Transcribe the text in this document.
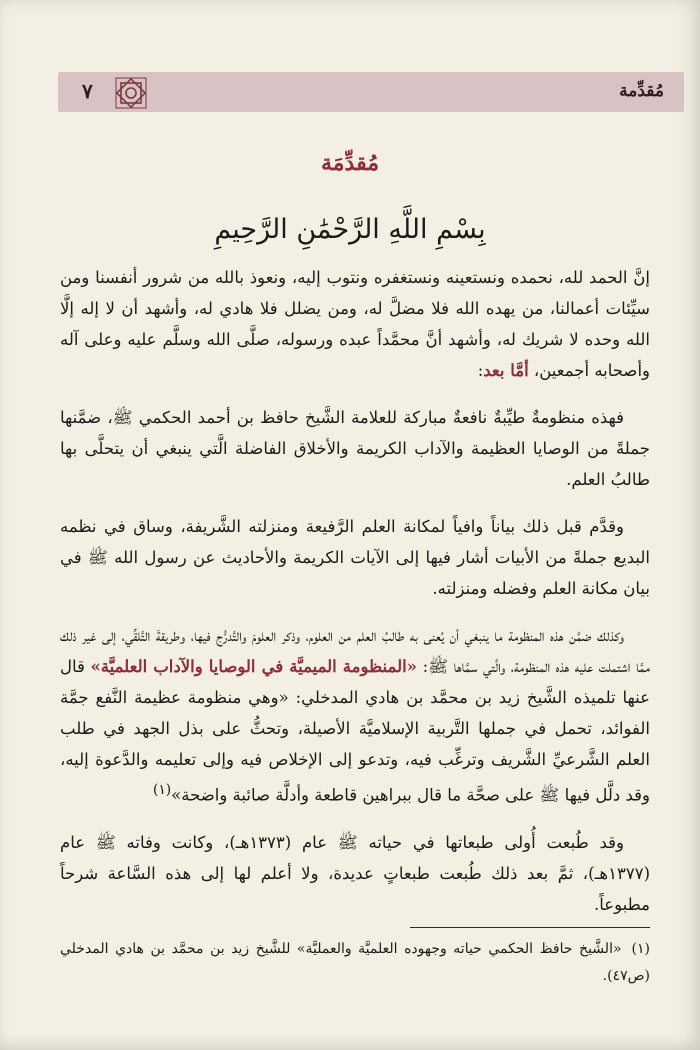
مُقدِّمة
٧
مُقدِّمَة
بِسْمِ اللَّهِ الرَّحْمَٰنِ الرَّحِيمِ

إنَّ الحمد لله، نحمده ونستعينه ونستغفره ونتوب إليه، ونعوذ بالله من شرور أنفسنا ومن سيِّئات أعمالنا، من يهده الله فلا مضلَّ له، ومن يضلل فلا هادي له، وأشهد أن لا إله إلَّا الله وحده لا شريك له، وأشهد أنَّ محمَّداً عبده ورسوله، صلَّى الله وسلَّم عليه وعلى آله وأصحابه أجمعين، أمَّا بعد:

فهذه منظومةٌ طيِّبةٌ نافعةٌ مباركة للعلامة الشَّيخ حافظ بن أحمد الحكمي ﷺ، ضمَّنها جملةً من الوصايا العظيمة والآداب الكريمة والأخلاق الفاضلة الَّتي ينبغي أن يتحلَّى بها طالبُ العلم.

وقدَّم قبل ذلك بياناً وافياً لمكانة العلم الرَّفيعة ومنزلته الشَّريفة، وساق في نظمه البديع جملةً من الأبيات أشار فيها إلى الآيات الكريمة والأحاديث عن رسول الله ﷺ في بيان مكانة العلم وفضله ومنزلته.

وكذلك ضمَّن هذه المنظومة ما ينبغي أن يُعنى به طالبُ العلم من العلوم، وذكر العلومَ والتَّدرُّج فيها، وطريقةَ التَّلقِّي، إلى غير ذلك ممَّا اشتملت عليه هذه المنظومة، والَّتي سمَّاها ﷺ: «المنظومة الميميَّة في الوصايا والآداب العلميَّة» قال عنها تلميذه الشَّيخ زيد بن محمَّد بن هادي المدخلي: «وهي منظومة عظيمة النَّفع جمَّة الفوائد، تحمل في جملها التَّربية الإسلاميَّة الأصيلة، وتحثُّ على بذل الجهد في طلب العلم الشَّرعيِّ الشَّريف وترغِّب فيه، وتدعو إلى الإخلاص فيه وإلى تعليمه والدَّعوة إليه، وقد دلَّل فيها ﷺ على صحَّة ما قال ببراهين قاطعة وأدلَّة صائبة واضحة»$^{(١)}$

وقد طُبعت أُولى طبعاتها في حياته ﷺ عام (١٣٧٣هـ)، وكانت وفاته ﷺ عام (١٣٧٧هـ)، ثمَّ بعد ذلك طُبعت طبعاتٍ عديدة، ولا أعلم لها إلى هذه السَّاعة شرحاً مطبوعاً.

(١)«الشَّيخ حافظ الحكمي حياته وجهوده العلميَّة والعمليَّة» للشَّيخ زيد بن محمَّد بن هادي المدخلي (ص٤٧).
